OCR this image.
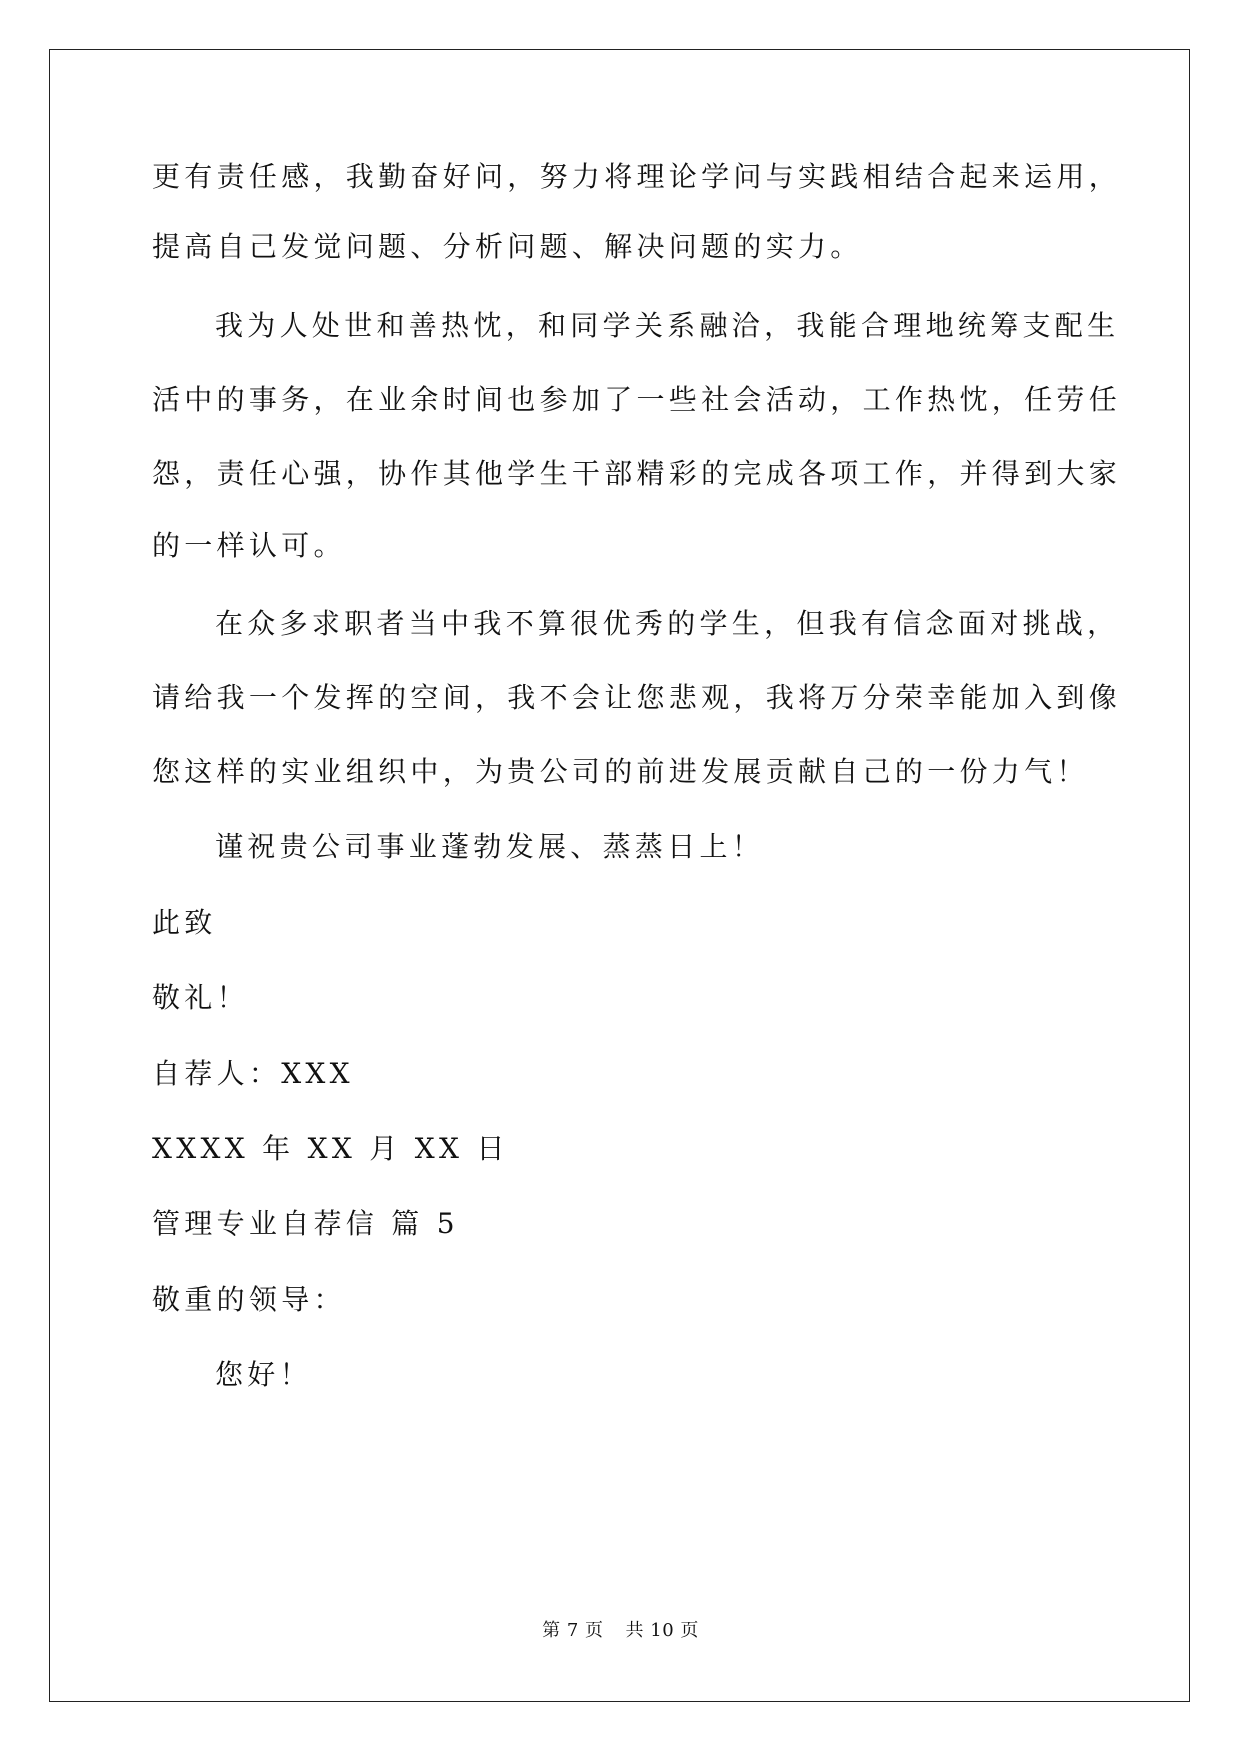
更有责任感，我勤奋好问，努力将理论学问与实践相结合起来运用，
提高自己发觉问题、分析问题、解决问题的实力。
我为人处世和善热忱，和同学关系融洽，我能合理地统筹支配生
活中的事务，在业余时间也参加了一些社会活动，工作热忱，任劳任
怨，责任心强，协作其他学生干部精彩的完成各项工作，并得到大家
的一样认可。
在众多求职者当中我不算很优秀的学生，但我有信念面对挑战，
请给我一个发挥的空间，我不会让您悲观，我将万分荣幸能加入到像
您这样的实业组织中，为贵公司的前进发展贡献自己的一份力气！
谨祝贵公司事业蓬勃发展、蒸蒸日上！
此致
敬礼！
自荐人：XXX
XXXX 年 XX 月 XX 日
管理专业自荐信 篇 5
敬重的领导：
您好！
第 7 页 共 10 页
